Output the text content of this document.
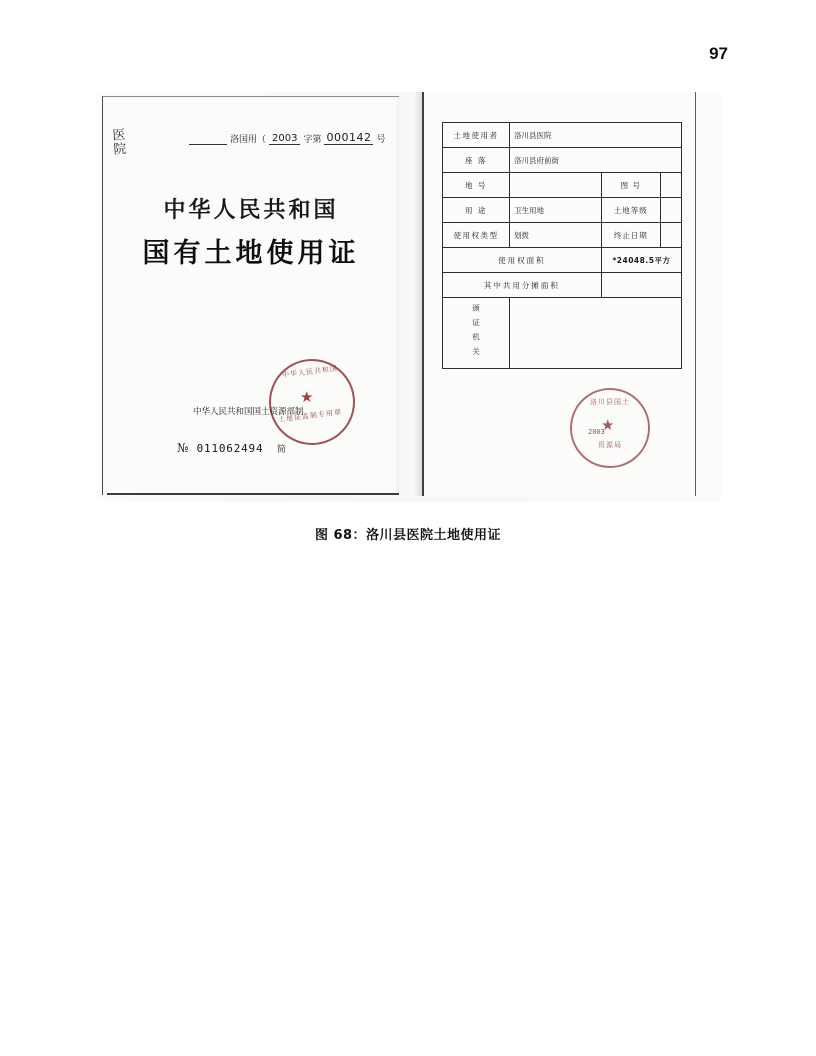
97
医院
洛国用（ 2003 字第 000142 号
中华人民共和国
国有土地使用证
中华人民共和国
★
土地证监制专用章
中华人民共和国国土资源部制
№ 011062494 简
土地使用者	洛川县医院		
座 落	洛川县府前街		
地 号		图 号	
用 途	卫生用地	土地等级	
使用权类型	划拨	终止日期	
使用权面积		*24048.5平方	
其中共用分摊面积			

颁证机关			

洛川县国土
★
2003
资源局
图 68：洛川县医院土地使用证
